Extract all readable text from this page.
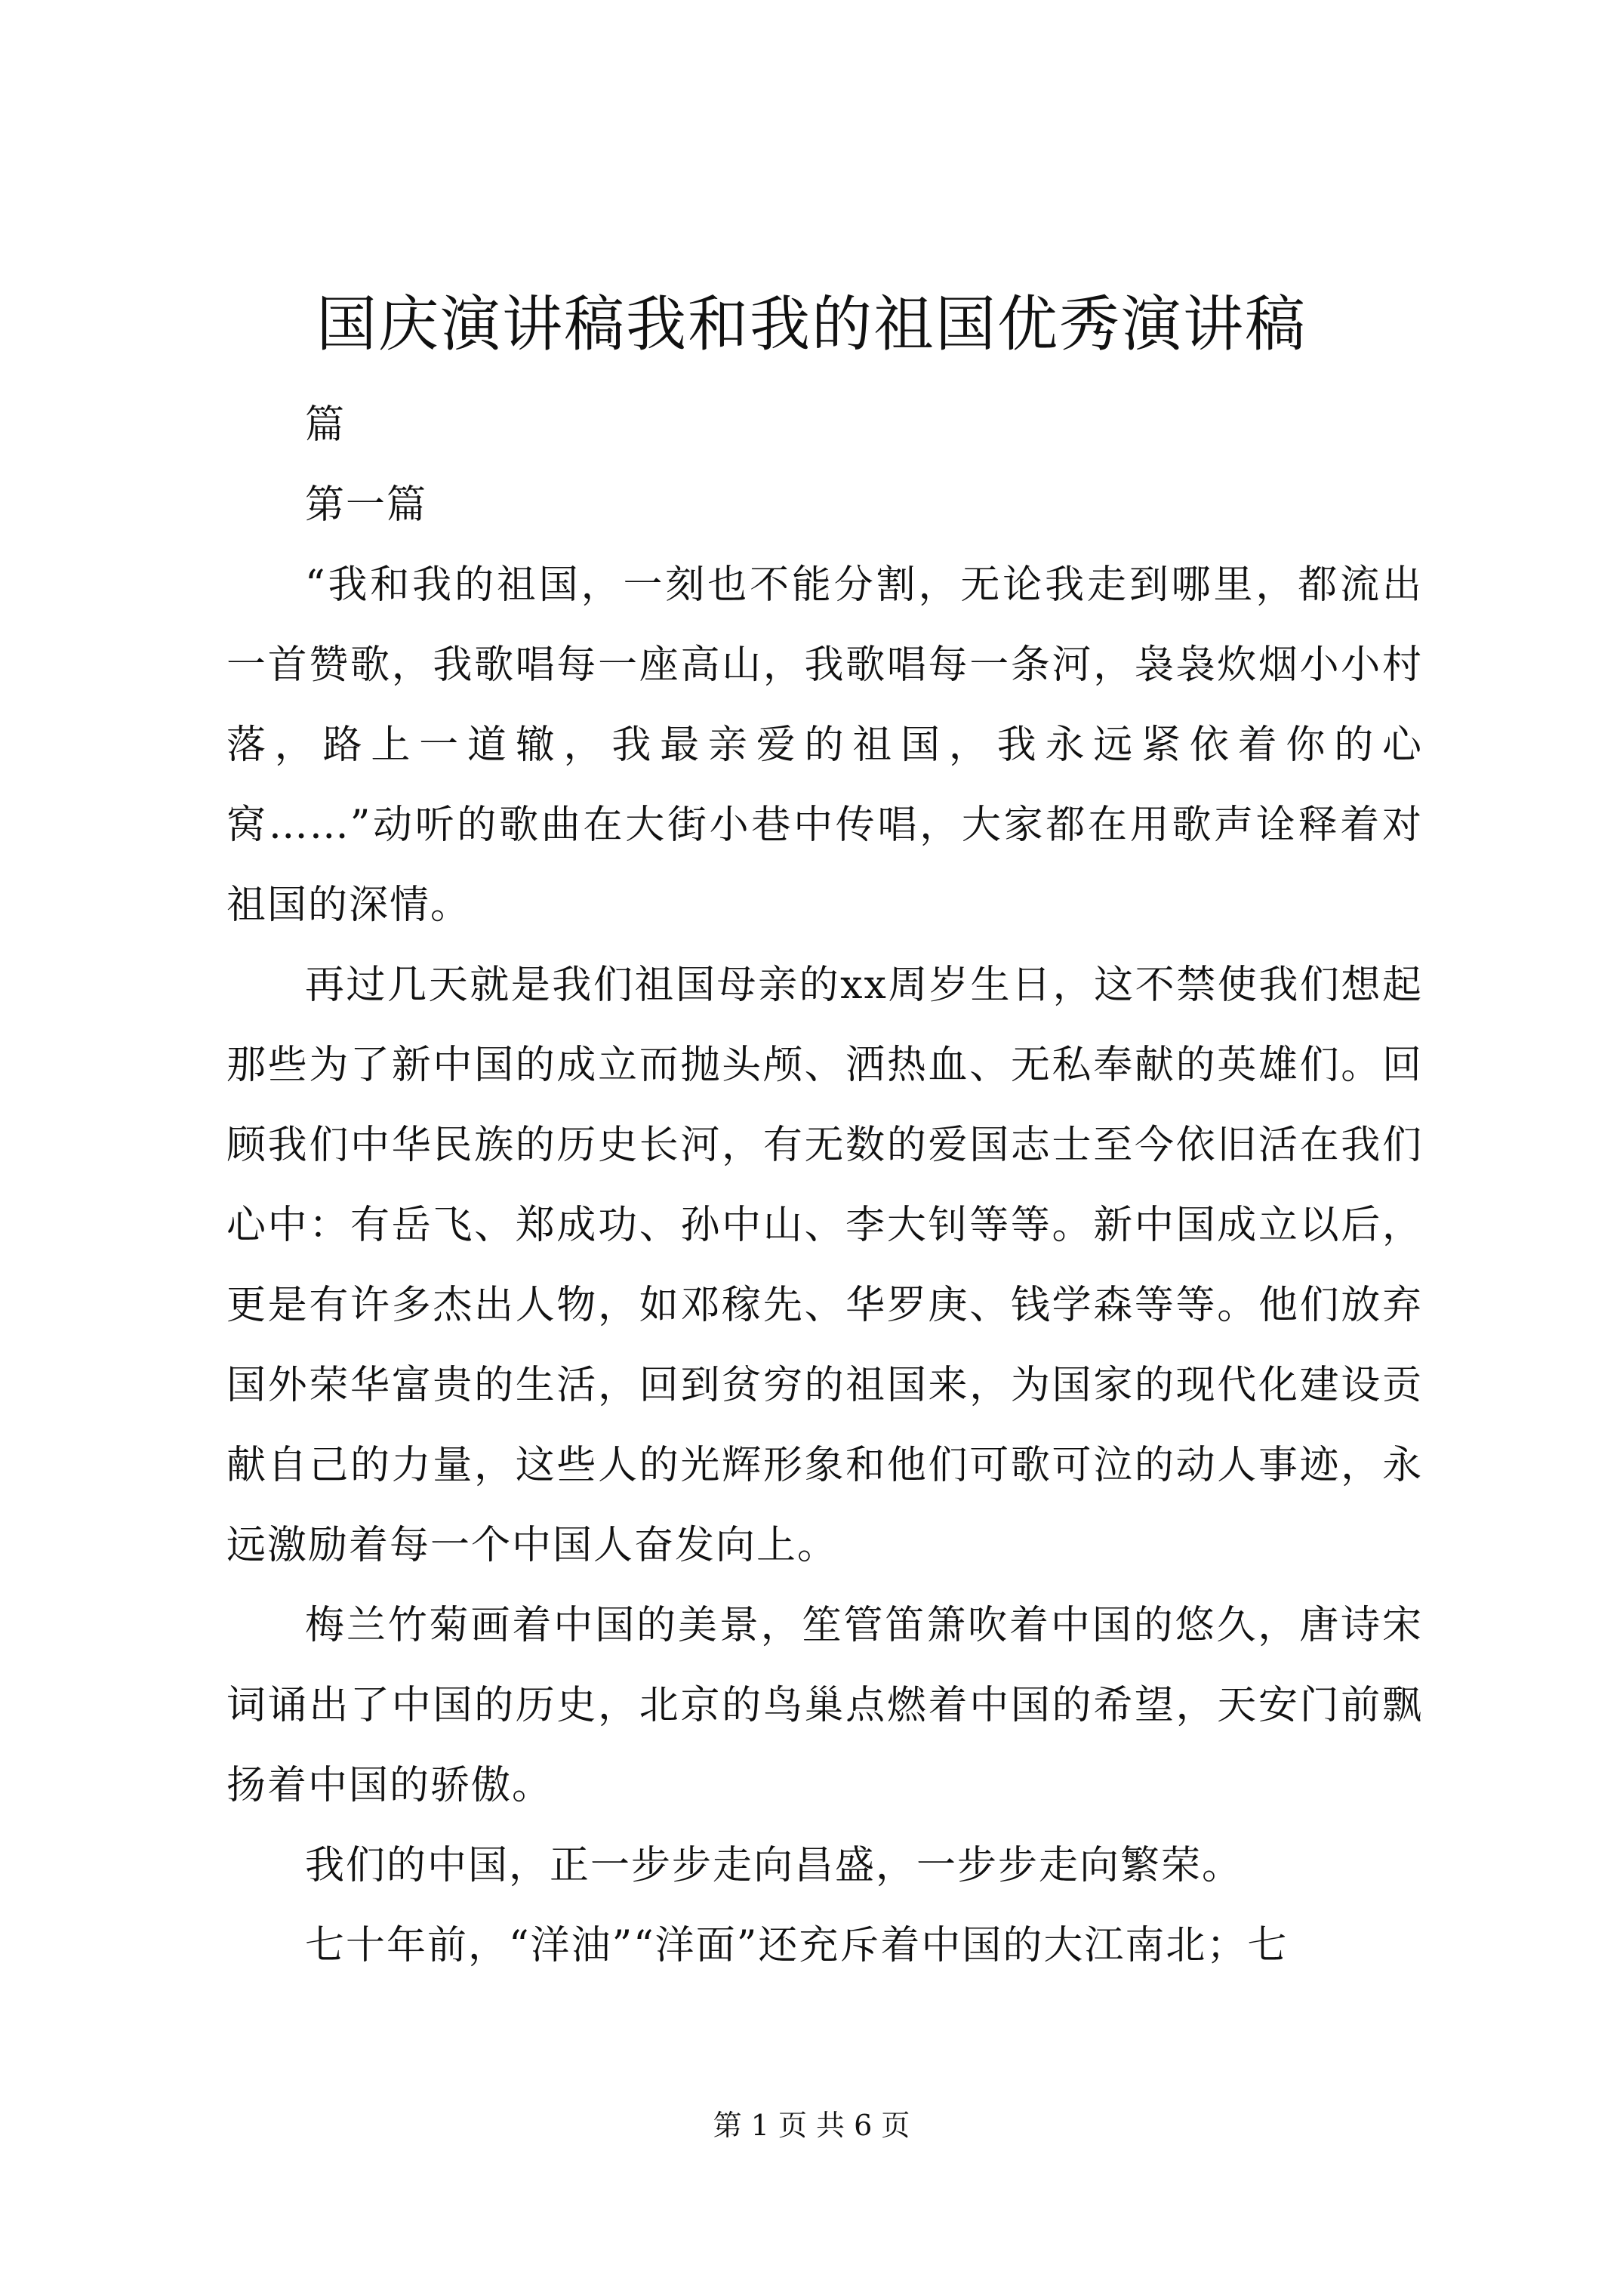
国庆演讲稿我和我的祖国优秀演讲稿

篇

第一篇

“我和我的祖国，一刻也不能分割，无论我走到哪里，都流出一首赞歌，我歌唱每一座高山，我歌唱每一条河，袅袅炊烟小小村落，路上一道辙，我最亲爱的祖国，我永远紧依着你的心窝……”动听的歌曲在大街小巷中传唱，大家都在用歌声诠释着对祖国的深情。

再过几天就是我们祖国母亲的xx周岁生日，这不禁使我们想起那些为了新中国的成立而抛头颅、洒热血、无私奉献的英雄们。回顾我们中华民族的历史长河，有无数的爱国志士至今依旧活在我们心中：有岳飞、郑成功、孙中山、李大钊等等。新中国成立以后，更是有许多杰出人物，如邓稼先、华罗庚、钱学森等等。他们放弃国外荣华富贵的生活，回到贫穷的祖国来，为国家的现代化建设贡献自己的力量，这些人的光辉形象和他们可歌可泣的动人事迹，永远激励着每一个中国人奋发向上。

梅兰竹菊画着中国的美景，笙管笛箫吹着中国的悠久，唐诗宋词诵出了中国的历史，北京的鸟巢点燃着中国的希望，天安门前飘扬着中国的骄傲。

我们的中国，正一步步走向昌盛，一步步走向繁荣。

七十年前，“洋油”“洋面”还充斥着中国的大江南北；七

第 1 页 共 6 页
